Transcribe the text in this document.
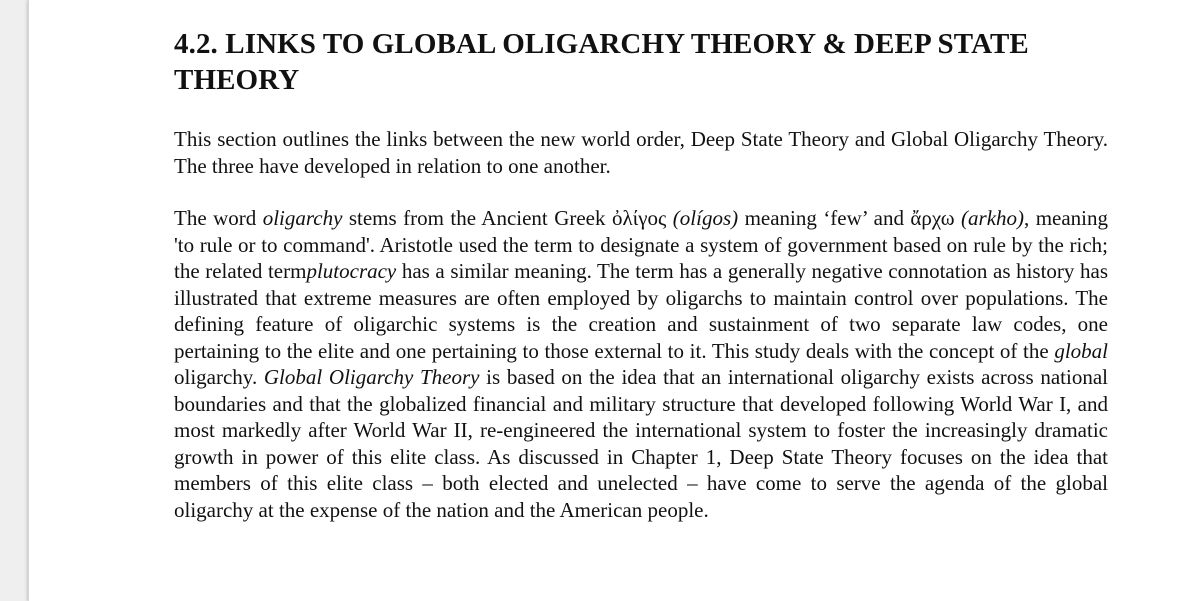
4.2. LINKS TO GLOBAL OLIGARCHY THEORY & DEEP STATE THEORY

This section outlines the links between the new world order, Deep State Theory and Global Oligarchy Theory. The three have developed in relation to one another.

The word oligarchy stems from the Ancient Greek ὀλίγος (olígos) meaning ‘few’ and ἄρχω (arkho), meaning 'to rule or to command'. Aristotle used the term to designate a system of government based on rule by the rich; the related termplutocracy has a similar meaning. The term has a generally negative connotation as history has illustrated that extreme measures are often employed by oligarchs to maintain control over populations. The defining feature of oligarchic systems is the creation and sustainment of two separate law codes, one pertaining to the elite and one pertaining to those external to it. This study deals with the concept of the global oligarchy. Global Oligarchy Theory is based on the idea that an international oligarchy exists across national boundaries and that the globalized financial and military structure that developed following World War I, and most markedly after World War II, re-engineered the international system to foster the increasingly dramatic growth in power of this elite class. As discussed in Chapter 1, Deep State Theory focuses on the idea that members of this elite class – both elected and unelected – have come to serve the agenda of the global oligarchy at the expense of the nation and the American people.
